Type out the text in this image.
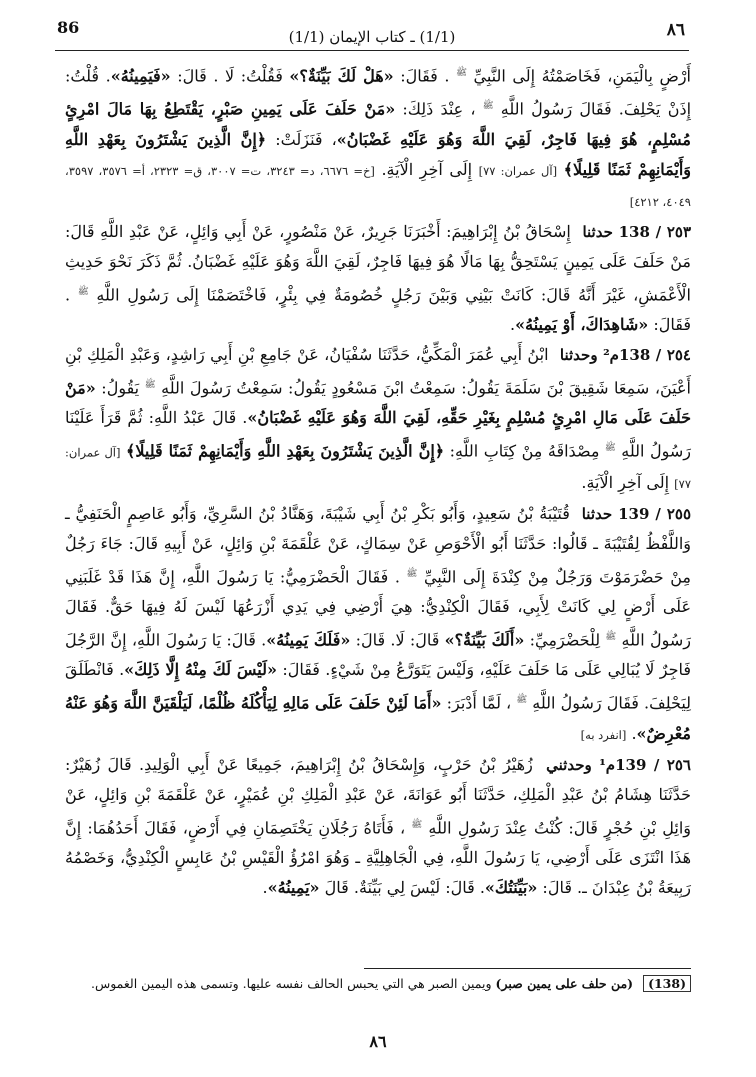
86	(1/1) ـ كتاب الإيمان (1/1)	٨٦

أَرْضٍ بِالْيَمَنِ، فَخَاصَمْتُهُ إِلَى النَّبِيِّ $^ﷺ$ . فَقَالَ: «هَلْ لَكَ بَيِّنَةٌ؟» فَقُلْتُ: لَا . قَالَ: «فَيَمِينُهُ». قُلْتُ: إِذَنْ يَحْلِفَ. فَقَالَ رَسُولُ اللَّهِ $^ﷺ$ ، عِنْدَ ذَلِكَ: «مَنْ حَلَفَ عَلَى يَمِينِ صَبْرٍ، يَقْتَطِعُ بِهَا مَالَ امْرِئٍ مُسْلِمٍ، هُوَ فِيهَا فَاجِرٌ، لَقِيَ اللَّهَ وَهُوَ عَلَيْهِ غَضْبَانُ»، فَنَزَلَتْ: ﴿إِنَّ الَّذِينَ يَشْتَرُونَ بِعَهْدِ اللَّهِ وَأَيْمَانِهِمْ ثَمَنًا قَلِيلًا﴾ [آل عمران: ٧٧] إِلَى آخِرِ الْآيَةِ. [خ= ٦٦٧٦، د= ٣٢٤٣، ت= ٣٠٠٧، ق= ٢٣٢٣، أ= ٣٥٧٦، ٣٥٩٧، ٤٠٤٩، ٤٢١٢]

٢٥٣ / 138 حدثنا إِسْحَاقُ بْنُ إِبْرَاهِيمَ: أَخْبَرَنَا جَرِيرٌ، عَنْ مَنْصُورٍ، عَنْ أَبِي وَائِلٍ، عَنْ عَبْدِ اللَّهِ قَالَ: مَنْ حَلَفَ عَلَى يَمِينٍ يَسْتَحِقُّ بِهَا مَالًا هُوَ فِيهَا فَاجِرٌ، لَقِيَ اللَّهَ وَهُوَ عَلَيْهِ غَضْبَانُ. ثُمَّ ذَكَرَ نَحْوَ حَدِيثِ الْأَعْمَشِ، غَيْرَ أَنَّهُ قَالَ: كَانَتْ بَيْنِي وَبَيْنَ رَجُلٍ خُصُومَةٌ فِي بِئْرٍ، فَاخْتَصَمْنَا إِلَى رَسُولِ اللَّهِ $^ﷺ$ . فَقَالَ: «شَاهِدَاكَ، أَوْ يَمِينُهُ».

٢٥٤ / 138م² وحدثنا ابْنُ أَبِي عُمَرَ الْمَكِّيُّ، حَدَّثَنَا سُفْيَانُ، عَنْ جَامِعِ بْنِ أَبِي رَاشِدٍ، وَعَبْدِ الْمَلِكِ بْنِ أَعْيَنَ، سَمِعَا شَقِيقَ بْنَ سَلَمَةَ يَقُولُ: سَمِعْتُ ابْنَ مَسْعُودٍ يَقُولُ: سَمِعْتُ رَسُولَ اللَّهِ $^ﷺ$ يَقُولُ: «مَنْ حَلَفَ عَلَى مَالِ امْرِئٍ مُسْلِمٍ بِغَيْرِ حَقِّهِ، لَقِيَ اللَّهَ وَهُوَ عَلَيْهِ غَضْبَانُ». قَالَ عَبْدُ اللَّهِ: ثُمَّ قَرَأَ عَلَيْنَا رَسُولُ اللَّهِ $^ﷺ$ مِصْدَاقَهُ مِنْ كِتَابِ اللَّهِ: ﴿إِنَّ الَّذِينَ يَشْتَرُونَ بِعَهْدِ اللَّهِ وَأَيْمَانِهِمْ ثَمَنًا قَلِيلًا﴾ [آل عمران: ٧٧] إِلَى آخِرِ الْآيَةِ.

٢٥٥ / 139 حدثنا قُتَيْبَةُ بْنُ سَعِيدٍ، وَأَبُو بَكْرِ بْنُ أَبِي شَيْبَةَ، وَهَنَّادُ بْنُ السَّرِيِّ، وَأَبُو عَاصِمٍ الْحَنَفِيُّ ـ وَاللَّفْظُ لِقُتَيْبَةَ ـ قَالُوا: حَدَّثَنَا أَبُو الْأَحْوَصِ عَنْ سِمَاكٍ، عَنْ عَلْقَمَةَ بْنِ وَائِلٍ، عَنْ أَبِيهِ قَالَ: جَاءَ رَجُلٌ مِنْ حَضْرَمَوْتَ وَرَجُلٌ مِنْ كِنْدَةَ إِلَى النَّبِيِّ $^ﷺ$ . فَقَالَ الْحَضْرَمِيُّ: يَا رَسُولَ اللَّهِ، إِنَّ هَذَا قَدْ غَلَبَنِي عَلَى أَرْضٍ لِي كَانَتْ لِأَبِي، فَقَالَ الْكِنْدِيُّ: هِيَ أَرْضِي فِي يَدِي أَزْرَعُهَا لَيْسَ لَهُ فِيهَا حَقٌّ. فَقَالَ رَسُولُ اللَّهِ $^ﷺ$ لِلْحَضْرَمِيِّ: «أَلَكَ بَيِّنَةٌ؟» قَالَ: لَا. قَالَ: «فَلَكَ يَمِينُهُ». قَالَ: يَا رَسُولَ اللَّهِ، إِنَّ الرَّجُلَ فَاجِرٌ لَا يُبَالِي عَلَى مَا حَلَفَ عَلَيْهِ، وَلَيْسَ يَتَوَرَّعُ مِنْ شَيْءٍ. فَقَالَ: «لَيْسَ لَكَ مِنْهُ إِلَّا ذَلِكَ». فَانْطَلَقَ لِيَحْلِفَ. فَقَالَ رَسُولُ اللَّهِ $^ﷺ$ ، لَمَّا أَدْبَرَ: «أَمَا لَئِنْ حَلَفَ عَلَى مَالِهِ لِيَأْكُلَهُ ظُلْمًا، لَيَلْقَيَنَّ اللَّهَ وَهُوَ عَنْهُ مُعْرِضٌ». [انفرد به]

٢٥٦ / 139م¹ وحدثني زُهَيْرُ بْنُ حَرْبٍ، وَإِسْحَاقُ بْنُ إِبْرَاهِيمَ، جَمِيعًا عَنْ أَبِي الْوَلِيدِ. قَالَ زُهَيْرٌ: حَدَّثَنَا هِشَامُ بْنُ عَبْدِ الْمَلِكِ، حَدَّثَنَا أَبُو عَوَانَةَ، عَنْ عَبْدِ الْمَلِكِ بْنِ عُمَيْرٍ، عَنْ عَلْقَمَةَ بْنِ وَائِلٍ، عَنْ وَائِلِ بْنِ حُجْرٍ قَالَ: كُنْتُ عِنْدَ رَسُولِ اللَّهِ $^ﷺ$ ، فَأَتَاهُ رَجُلَانِ يَخْتَصِمَانِ فِي أَرْضٍ، فَقَالَ أَحَدُهُمَا: إِنَّ هَذَا انْتَزَى عَلَى أَرْضِي، يَا رَسُولَ اللَّهِ، فِي الْجَاهِلِيَّةِ ـ وَهُوَ امْرُؤُ الْقَيْسِ بْنُ عَابِسٍ الْكِنْدِيُّ، وَخَصْمُهُ رَبِيعَةُ بْنُ عِبْدَانَ ـ. قَالَ: «بَيِّنَتُكَ». قَالَ: لَيْسَ لِي بَيِّنَةٌ. قَالَ «يَمِينُهُ».

(138) (من حلف على يمين صبر) ويمين الصبر هي التي يحبس الحالف نفسه عليها. وتسمى هذه اليمين الغموس.
٨٦
